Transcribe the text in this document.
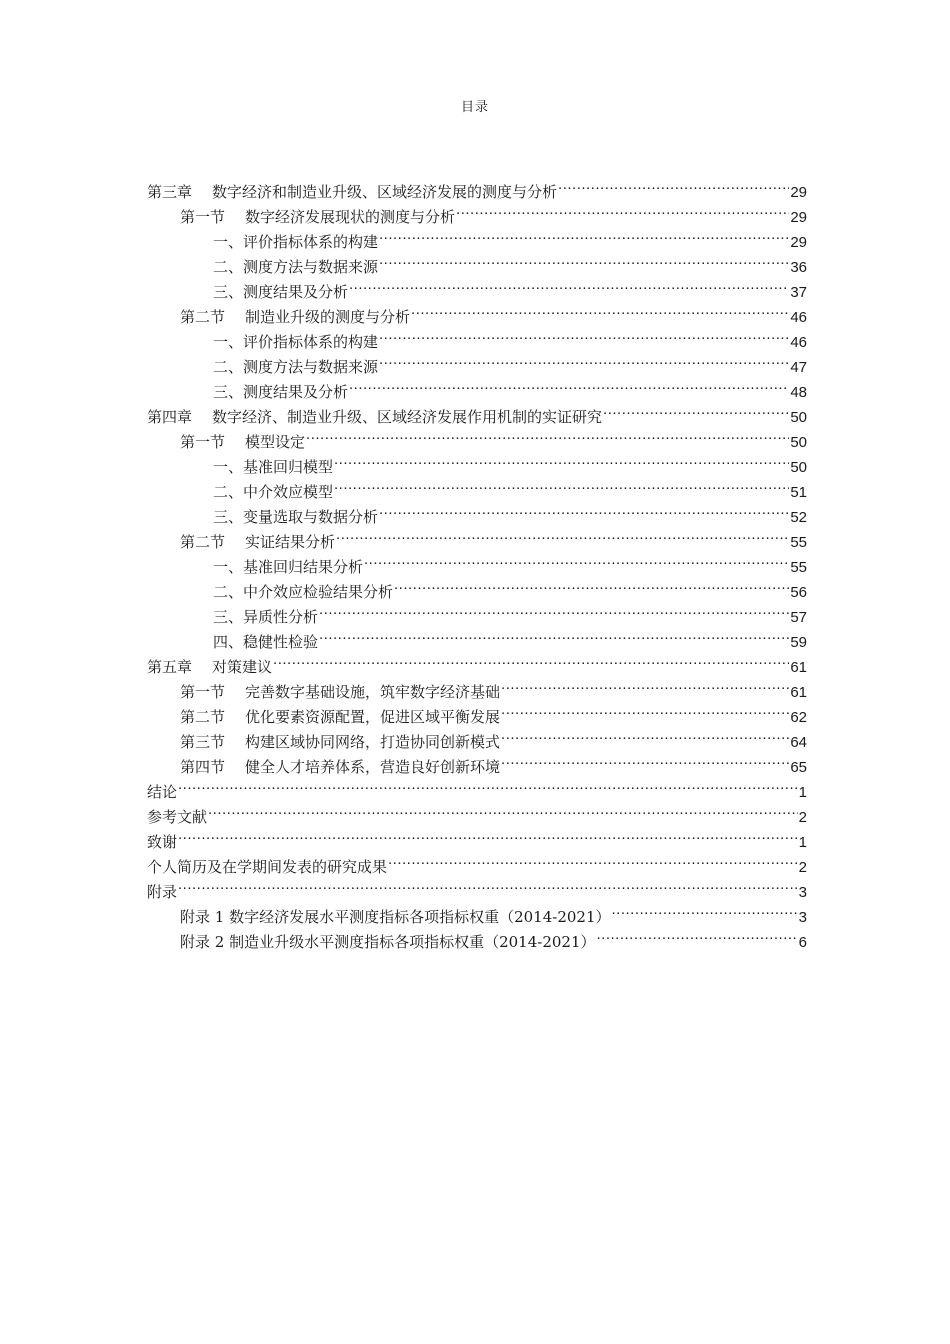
目录
第三章 数字经济和制造业升级、区域经济发展的测度与分析 .....	29
第一节 数字经济发展现状的测度与分析 .....	29
一、评价指标体系的构建 .....	29
二、测度方法与数据来源 .....	36
三、测度结果及分析 .....	37
第二节 制造业升级的测度与分析 .....	46
一、评价指标体系的构建 .....	46
二、测度方法与数据来源 .....	47
三、测度结果及分析 .....	48
第四章 数字经济、制造业升级、区域经济发展作用机制的实证研究 .....	50
第一节 模型设定 .....	50
一、基准回归模型 .....	50
二、中介效应模型 .....	51
三、变量选取与数据分析 .....	52
第二节 实证结果分析 .....	55
一、基准回归结果分析 .....	55
二、中介效应检验结果分析 .....	56
三、异质性分析 .....	57
四、稳健性检验 .....	59
第五章 对策建议 .....	61
第一节 完善数字基础设施，筑牢数字经济基础 .....	61
第二节 优化要素资源配置，促进区域平衡发展 .....	62
第三节 构建区域协同网络，打造协同创新模式 .....	64
第四节 健全人才培养体系，营造良好创新环境 .....	65
结论 .....	1
参考文献 .....	2
致谢 .....	1
个人简历及在学期间发表的研究成果 .....	2
附录 .....	3
附录 1 数字经济发展水平测度指标各项指标权重（2014-2021） .....	3
附录 2 制造业升级水平测度指标各项指标权重（2014-2021） .....	6
